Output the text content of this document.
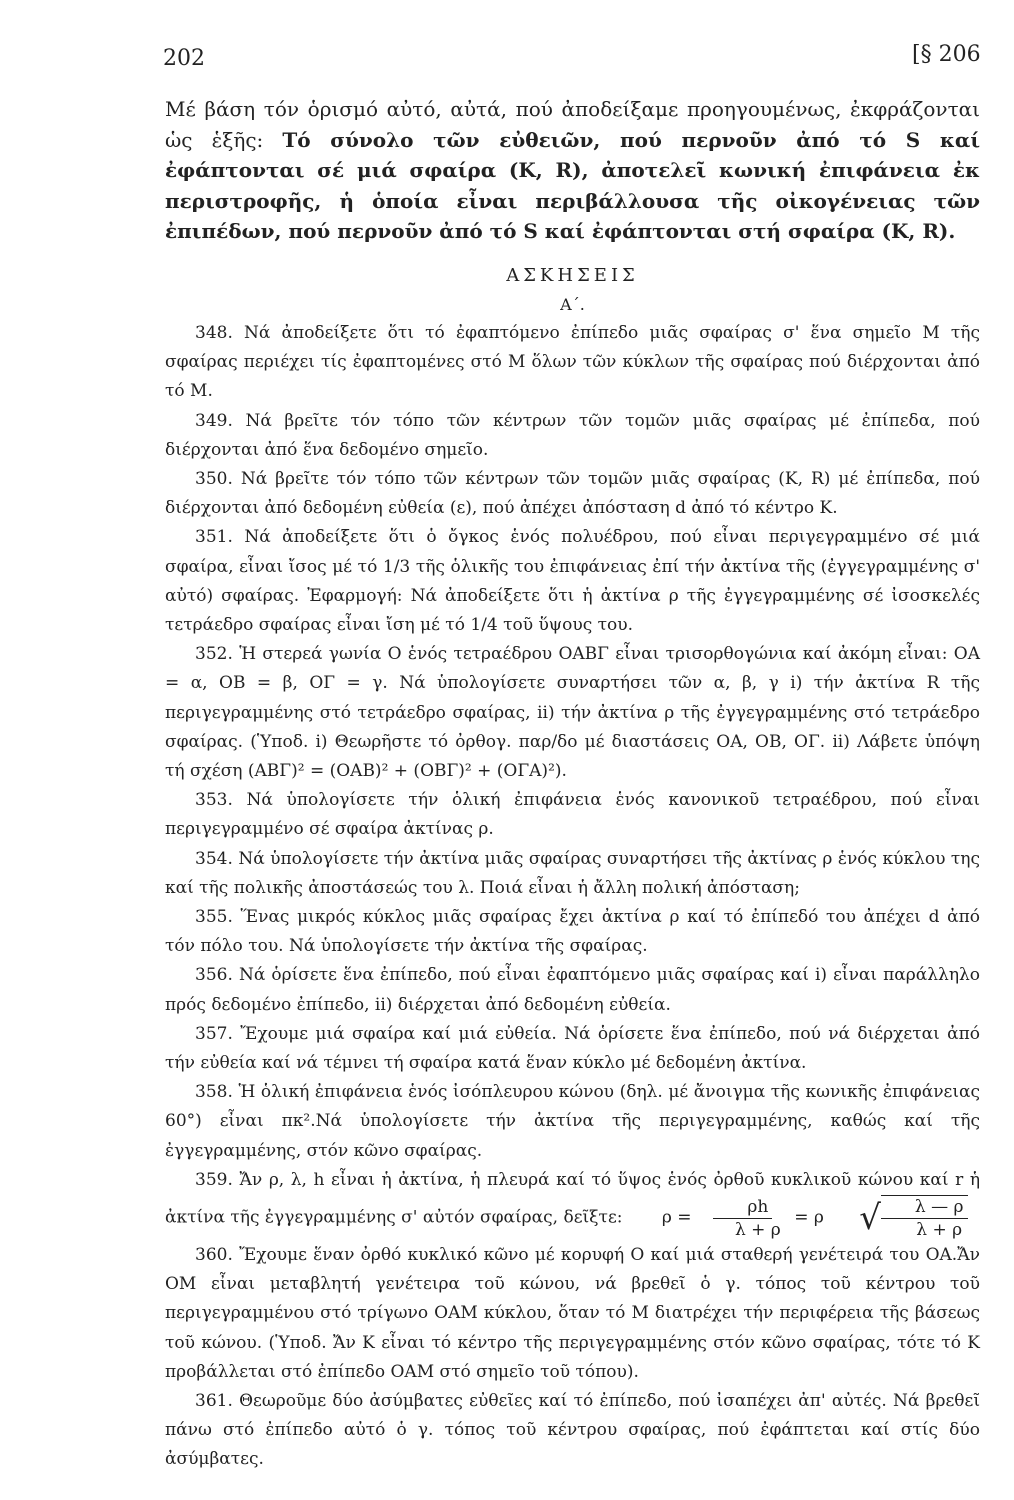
202	[§ 206

Μέ βάση τόν ὁρισμό αὐτό, αὐτά, πού ἀποδείξαμε προηγουμένως, ἐκφράζονται ὡς ἑξῆς: Τό σύνολο τῶν εὐθειῶν, πού περνοῦν ἀπό τό S καί ἐφάπτονται σέ μιά σφαίρα (Κ, R), ἀποτελεῖ κωνική ἐπιφάνεια ἐκ περιστροφῆς, ἡ ὁποία εἶναι περιβάλλουσα τῆς οἰκογένειας τῶν ἐπιπέδων, πού περνοῦν ἀπό τό S καί ἐφάπτονται στή σφαίρα (Κ, R).

ΑΣΚΗΣΕΙΣ

Α΄.

348. Νά ἀποδείξετε ὅτι τό ἐφαπτόμενο ἐπίπεδο μιᾶς σφαίρας σ' ἕνα σημεῖο Μ τῆς σφαίρας περιέχει τίς ἐφαπτομένες στό Μ ὅλων τῶν κύκλων τῆς σφαίρας πού διέρχονται ἀπό τό Μ.

349. Νά βρεῖτε τόν τόπο τῶν κέντρων τῶν τομῶν μιᾶς σφαίρας μέ ἐπίπεδα, πού διέρχονται ἀπό ἕνα δεδομένο σημεῖο.

350. Νά βρεῖτε τόν τόπο τῶν κέντρων τῶν τομῶν μιᾶς σφαίρας (Κ, R) μέ ἐπίπεδα, πού διέρχονται ἀπό δεδομένη εὐθεία (ε), πού ἀπέχει ἀπόσταση d ἀπό τό κέντρο Κ.

351. Νά ἀποδείξετε ὅτι ὁ ὄγκος ἑνός πολυέδρου, πού εἶναι περιγεγραμμένο σέ μιά σφαίρα, εἶναι ἴσος μέ τό 1/3 τῆς ὁλικῆς του ἐπιφάνειας ἐπί τήν ἀκτίνα τῆς (ἐγγεγραμμένης σ' αὐτό) σφαίρας. Ἐφαρμογή: Νά ἀποδείξετε ὅτι ἡ ἀκτίνα ρ τῆς ἐγγεγραμμένης σέ ἰσοσκελές τετράεδρο σφαίρας εἶναι ἴση μέ τό 1/4 τοῦ ὕψους του.

352. Ἡ στερεά γωνία Ο ἑνός τετραέδρου ΟΑΒΓ εἶναι τρισορθογώνια καί ἀκόμη εἶναι: ΟΑ = α, ΟΒ = β, ΟΓ = γ. Νά ὑπολογίσετε συναρτήσει τῶν α, β, γ i) τήν ἀκτίνα R τῆς περιγεγραμμένης στό τετράεδρο σφαίρας, ii) τήν ἀκτίνα ρ τῆς ἐγγεγραμμένης στό τετράεδρο σφαίρας. (Ὑποδ. i) Θεωρῆστε τό ὀρθογ. παρ/δο μέ διαστάσεις ΟΑ, ΟΒ, ΟΓ. ii) Λάβετε ὑπόψη τή σχέση (ΑΒΓ)² = (ΟΑΒ)² + (ΟΒΓ)² + (ΟΓΑ)²).

353. Νά ὑπολογίσετε τήν ὁλική ἐπιφάνεια ἑνός κανονικοῦ τετραέδρου, πού εἶναι περιγεγραμμένο σέ σφαίρα ἀκτίνας ρ.

354. Νά ὑπολογίσετε τήν ἀκτίνα μιᾶς σφαίρας συναρτήσει τῆς ἀκτίνας ρ ἑνός κύκλου της καί τῆς πολικῆς ἀποστάσεώς του λ. Ποιά εἶναι ἡ ἄλλη πολική ἀπόσταση;

355. Ἕνας μικρός κύκλος μιᾶς σφαίρας ἔχει ἀκτίνα ρ καί τό ἐπίπεδό του ἀπέχει d ἀπό τόν πόλο του. Νά ὑπολογίσετε τήν ἀκτίνα τῆς σφαίρας.

356. Νά ὁρίσετε ἕνα ἐπίπεδο, πού εἶναι ἐφαπτόμενο μιᾶς σφαίρας καί i) εἶναι παράλληλο πρός δεδομένο ἐπίπεδο, ii) διέρχεται ἀπό δεδομένη εὐθεία.

357. Ἔχουμε μιά σφαίρα καί μιά εὐθεία. Νά ὁρίσετε ἕνα ἐπίπεδο, πού νά διέρχεται ἀπό τήν εὐθεία καί νά τέμνει τή σφαίρα κατά ἕναν κύκλο μέ δεδομένη ἀκτίνα.

358. Ἡ ὁλική ἐπιφάνεια ἑνός ἰσόπλευρου κώνου (δηλ. μέ ἄνοιγμα τῆς κωνικῆς ἐπιφάνειας 60°) εἶναι πκ².Νά ὑπολογίσετε τήν ἀκτίνα τῆς περιγεγραμμένης, καθώς καί τῆς ἐγγεγραμμένης, στόν κῶνο σφαίρας.

359. Ἄν ρ, λ, h εἶναι ἡ ἀκτίνα, ἡ πλευρά καί τό ὕψος ἑνός ὀρθοῦ κυκλικοῦ κώνου καί r ἡ ἀκτίνα τῆς ἐγγεγραμμένης σ' αὐτόν σφαίρας, δεῖξτε: $\rho = \frac{\rho h}{\lambda + \rho} = \rho$	√ $\frac{\lambda — \rho}{\lambda + \rho}$

360. Ἔχουμε ἕναν ὀρθό κυκλικό κῶνο μέ κορυφή Ο καί μιά σταθερή γενέτειρά του ΟΑ.Ἄν ΟΜ εἶναι μεταβλητή γενέτειρα τοῦ κώνου, νά βρεθεῖ ὁ γ. τόπος τοῦ κέντρου τοῦ περιγεγραμμένου στό τρίγωνο ΟΑΜ κύκλου, ὅταν τό Μ διατρέχει τήν περιφέρεια τῆς βάσεως τοῦ κώνου. (Ὑποδ. Ἄν Κ εἶναι τό κέντρο τῆς περιγεγραμμένης στόν κῶνο σφαίρας, τότε τό Κ προβάλλεται στό ἐπίπεδο ΟΑΜ στό σημεῖο τοῦ τόπου).

361. Θεωροῦμε δύο ἀσύμβατες εὐθεῖες καί τό ἐπίπεδο, πού ἰσαπέχει ἀπ' αὐτές. Νά βρεθεῖ πάνω στό ἐπίπεδο αὐτό ὁ γ. τόπος τοῦ κέντρου σφαίρας, πού ἐφάπτεται καί στίς δύο ἀσύμβατες.
